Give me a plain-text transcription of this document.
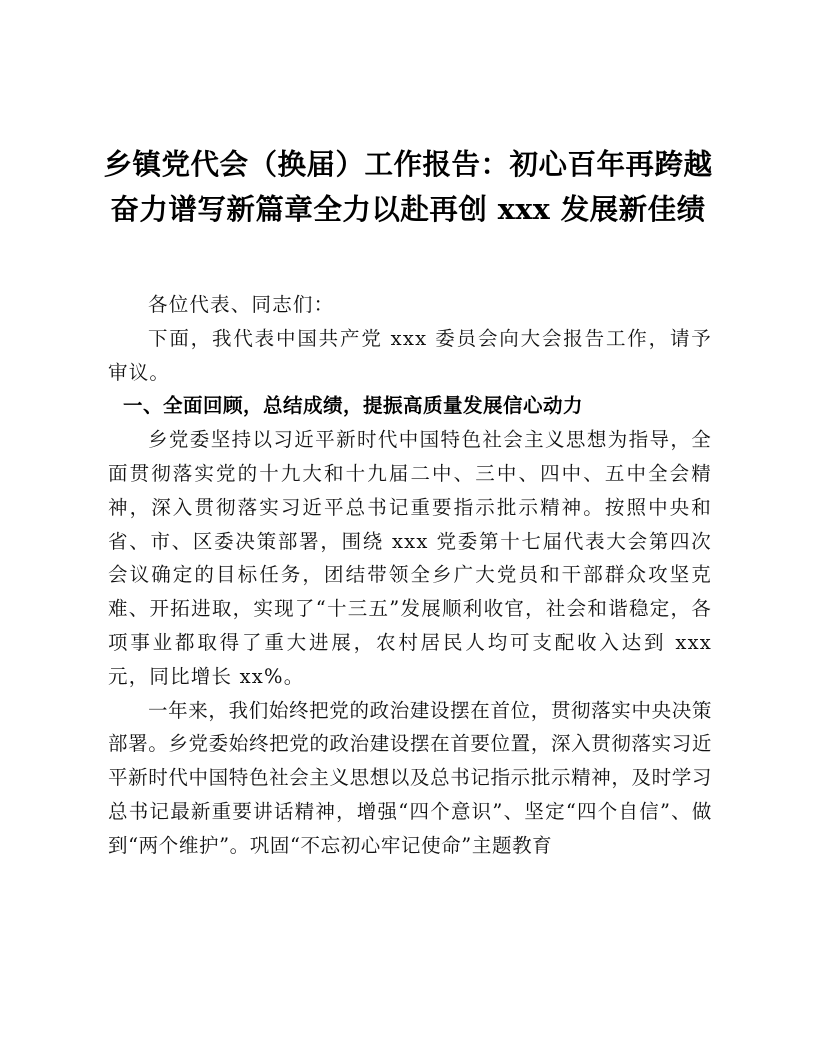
乡镇党代会（换届）工作报告：初心百年再跨越奋力谱写新篇章全力以赴再创 xxx 发展新佳绩

各位代表、同志们：

下面，我代表中国共产党 xxx 委员会向大会报告工作，请予审议。

一、全面回顾，总结成绩，提振高质量发展信心动力

乡党委坚持以习近平新时代中国特色社会主义思想为指导，全面贯彻落实党的十九大和十九届二中、三中、四中、五中全会精神，深入贯彻落实习近平总书记重要指示批示精神。按照中央和省、市、区委决策部署，围绕 xxx 党委第十七届代表大会第四次会议确定的目标任务，团结带领全乡广大党员和干部群众攻坚克难、开拓进取，实现了“十三五”发展顺利收官，社会和谐稳定，各项事业都取得了重大进展，农村居民人均可支配收入达到 xxx 元，同比增长 xx%。

一年来，我们始终把党的政治建设摆在首位，贯彻落实中央决策部署。乡党委始终把党的政治建设摆在首要位置，深入贯彻落实习近平新时代中国特色社会主义思想以及总书记指示批示精神，及时学习总书记最新重要讲话精神，增强“四个意识”、坚定“四个自信”、做到“两个维护”。巩固“不忘初心牢记使命”主题教育
